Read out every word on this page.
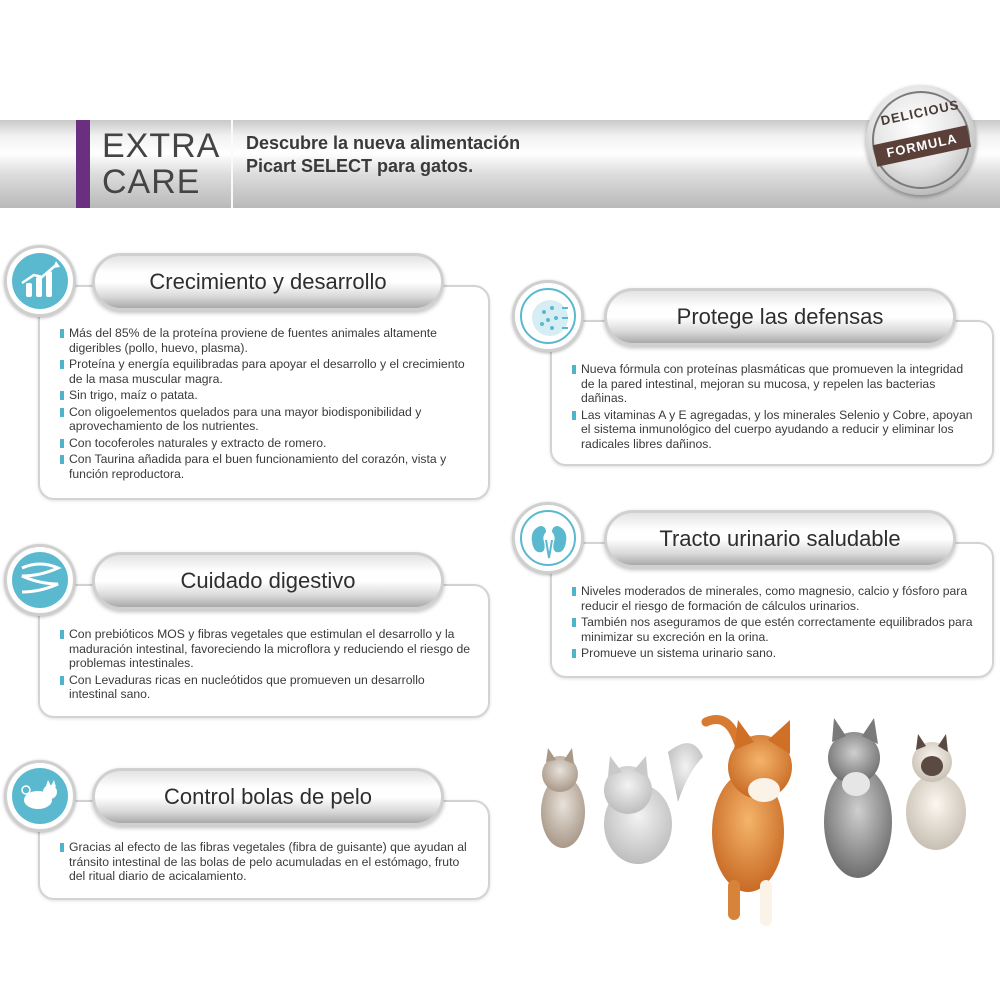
EXTRA
CARE
Descubre la nueva alimentación
Picart SELECT para gatos.
DELICIOUS
FORMULA
Crecimiento y desarrollo
Más del 85% de la proteína proviene de fuentes animales altamente digeribles (pollo, huevo, plasma).
Proteína y energía equilibradas para apoyar el desarrollo y el crecimiento de la masa muscular magra.
Sin trigo, maíz o patata.
Con oligoelementos quelados para una mayor biodisponibilidad y aprovechamiento de los nutrientes.
Con tocoferoles naturales y extracto de romero.
Con Taurina añadida para el buen funcionamiento del corazón, vista y función reproductora.
Protege las defensas
Nueva fórmula con proteínas plasmáticas que promueven la integridad de la pared intestinal, mejoran su mucosa, y repelen las bacterias dañinas.
Las vitaminas A y E agregadas, y los minerales Selenio y Cobre, apoyan el sistema inmunológico del cuerpo ayudando a reducir y eliminar los radicales libres dañinos.
Cuidado digestivo
Con prebióticos MOS y fibras vegetales que estimulan el desarrollo y la maduración intestinal, favoreciendo la microflora y reduciendo el riesgo de problemas intestinales.
Con Levaduras ricas en nucleótidos que promueven un desarrollo intestinal sano.
Tracto urinario saludable
Niveles moderados de minerales, como magnesio, calcio y fósforo para reducir el riesgo de formación de cálculos urinarios.
También nos aseguramos de que estén correctamente equilibrados para minimizar su excreción en la orina.
Promueve un sistema urinario sano.
Control bolas de pelo
Gracias al efecto de las fibras vegetales (fibra de guisante) que ayudan al tránsito intestinal de las bolas de pelo acumuladas en el estómago, fruto del ritual diario de acicalamiento.
